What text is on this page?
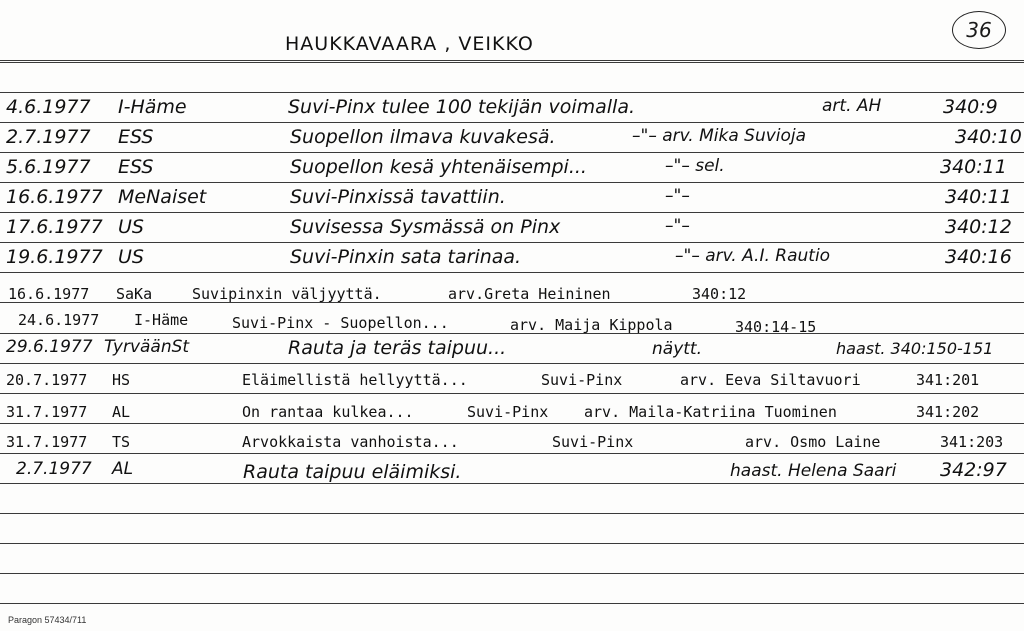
HAUKKAVAARA , VEIKKO
36
4.6.1977 I-Häme	Suvi-Pinx tulee 100 tekijän voimalla.	art. AH	340:9
2.7.1977 ESS	Suopellon ilmava kuvakesä.	–"– arv. Mika Suvioja	340:10
5.6.1977 ESS	Suopellon kesä yhtenäisempi...	–"– sel.	340:11
16.6.1977 MeNaiset	Suvi-Pinxissä tavattiin.	–"–	340:11
17.6.1977 US	Suvisessa Sysmässä on Pinx	–"–	340:12
19.6.1977 US	Suvi-Pinxin sata tarinaa.	–"– arv. A.I. Rautio	340:16
16.6.1977 SaKa	Suvipinxin väljyyttä.	arv.Greta Heininen	340:12
24.6.1977 I-Häme	Suvi-Pinx - Suopellon...	arv. Maija Kippola	340:14-15
29.6.1977 TyrväänSt	Rauta ja teräs taipuu...	näytt.	haast. 340:150-151
20.7.1977 HS	Eläimellistä hellyyttä...	Suvi-Pinx	arv. Eeva Siltavuori	341:201
31.7.1977 AL	On rantaa kulkea...	Suvi-Pinx arv. Maila-Katriina Tuominen	341:202
31.7.1977 TS	Arvokkaista vanhoista...	Suvi-Pinx	arv. Osmo Laine	341:203
2.7.1977 AL	Rauta taipuu eläimiksi.	haast. Helena Saari 342:97
Paragon 57434/711
